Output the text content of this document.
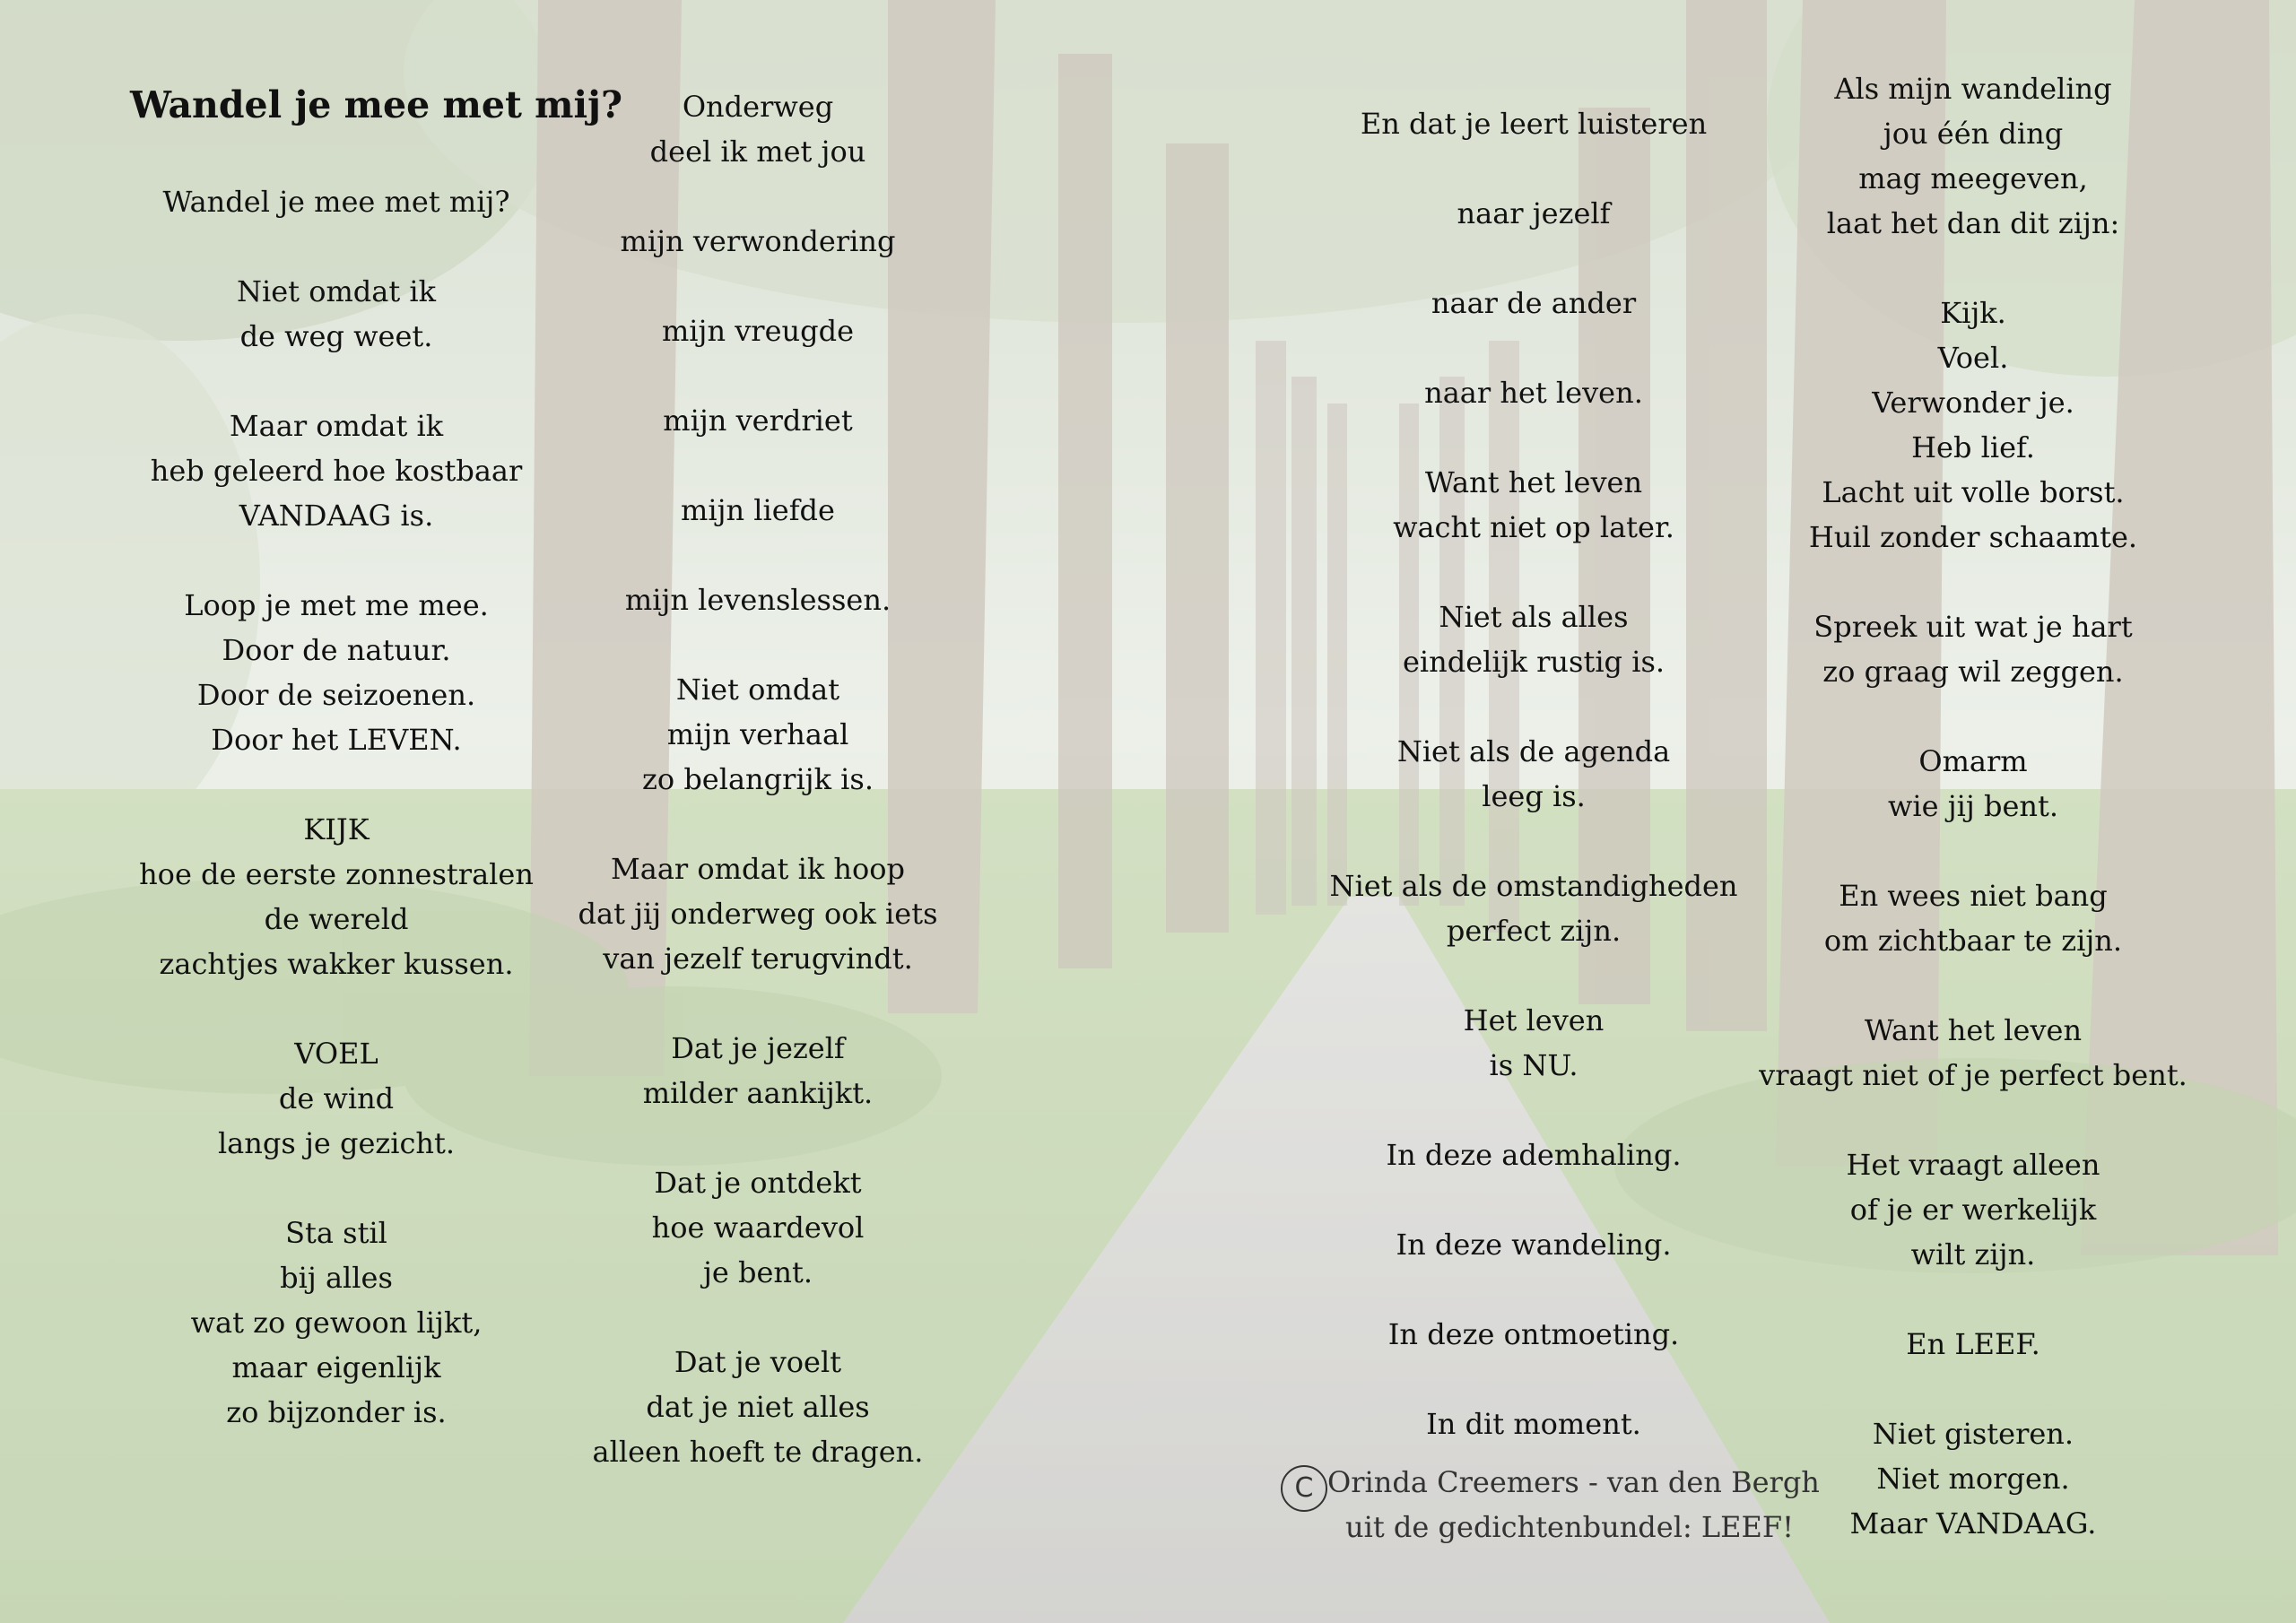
Wandel je mee met mij?
Wandel je mee met mij?
Niet omdat ik
de weg weet.
Maar omdat ik
heb geleerd hoe kostbaar
VANDAAG is.
Loop je met me mee.
Door de natuur.
Door de seizoenen.
Door het LEVEN.
KIJK
hoe de eerste zonnestralen
de wereld
zachtjes wakker kussen.
VOEL
de wind
langs je gezicht.
Sta stil
bij alles
wat zo gewoon lijkt,
maar eigenlijk
zo bijzonder is.
Onderweg
deel ik met jou
mijn verwondering
mijn vreugde
mijn verdriet
mijn liefde
mijn levenslessen.
Niet omdat
mijn verhaal
zo belangrijk is.
Maar omdat ik hoop
dat jij onderweg ook iets
van jezelf terugvindt.
Dat je jezelf
milder aankijkt.
Dat je ontdekt
hoe waardevol
je bent.
Dat je voelt
dat je niet alles
alleen hoeft te dragen.
En dat je leert luisteren
naar jezelf
naar de ander
naar het leven.
Want het leven
wacht niet op later.
Niet als alles
eindelijk rustig is.
Niet als de agenda
leeg is.
Niet als de omstandigheden
perfect zijn.
Het leven
is NU.
In deze ademhaling.
In deze wandeling.
In deze ontmoeting.
In dit moment.
Als mijn wandeling
jou één ding
mag meegeven,
laat het dan dit zijn:
Kijk.
Voel.
Verwonder je.
Heb lief.
Lacht uit volle borst.
Huil zonder schaamte.
Spreek uit wat je hart
zo graag wil zeggen.
Omarm
wie jij bent.
En wees niet bang
om zichtbaar te zijn.
Want het leven
vraagt niet of je perfect bent.
Het vraagt alleen
of je er werkelijk
wilt zijn.
En LEEF.
Niet gisteren.
Niet morgen.
Maar VANDAAG.
C Orinda Creemers - van den Bergh
uit de gedichtenbundel: LEEF!
